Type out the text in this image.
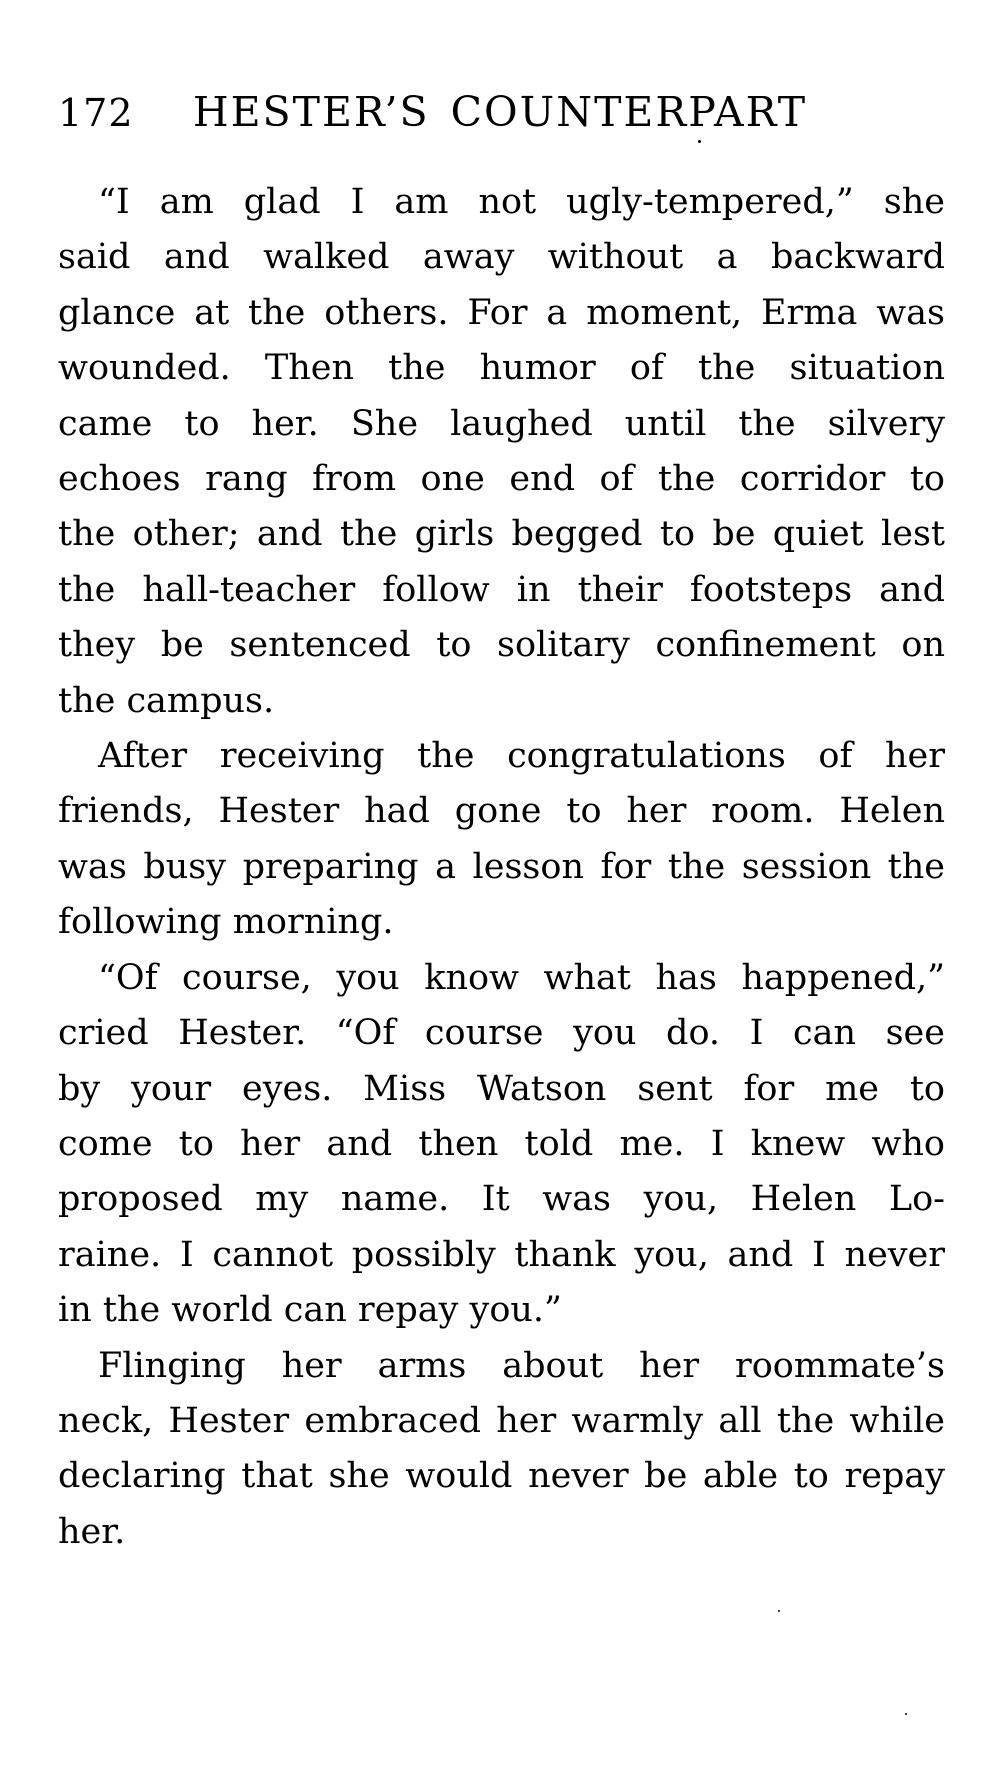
172 HESTER’S COUNTERPART
“I am glad I am not ugly-tempered,” she
said and walked away without a backward
glance at the others. For a moment, Erma was
wounded. Then the humor of the situation
came to her. She laughed until the silvery
echoes rang from one end of the corridor to
the other; and the girls begged to be quiet lest
the hall-teacher follow in their footsteps and
they be sentenced to solitary confinement on
the campus.
After receiving the congratulations of her
friends, Hester had gone to her room. Helen
was busy preparing a lesson for the session the
following morning.
“Of course, you know what has happened,”
cried Hester. “Of course you do. I can see
by your eyes. Miss Watson sent for me to
come to her and then told me. I knew who
proposed my name. It was you, Helen Lo-
raine. I cannot possibly thank you, and I never
in the world can repay you.”
Flinging her arms about her roommate’s
neck, Hester embraced her warmly all the while
declaring that she would never be able to repay
her.
